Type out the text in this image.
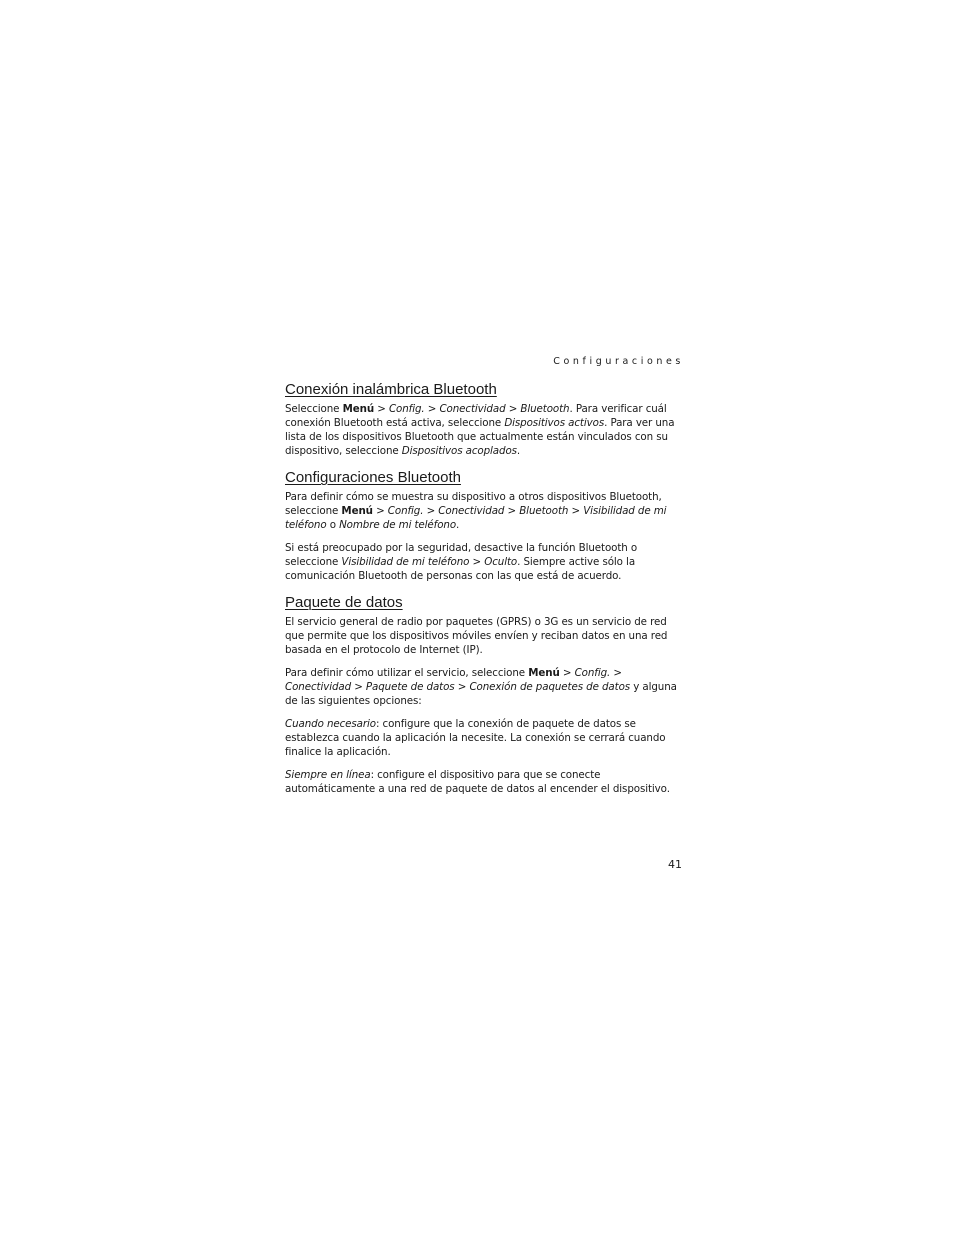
Configuraciones
Conexión inalámbrica Bluetooth

Seleccione Menú > Config. > Conectividad > Bluetooth. Para verificar cuál conexión Bluetooth está activa, seleccione Dispositivos activos. Para ver una lista de los dispositivos Bluetooth que actualmente están vinculados con su dispositivo, seleccione Dispositivos acoplados.

Configuraciones Bluetooth

Para definir cómo se muestra su dispositivo a otros dispositivos Bluetooth, seleccione Menú > Config. > Conectividad > Bluetooth > Visibilidad de mi teléfono o Nombre de mi teléfono.

Si está preocupado por la seguridad, desactive la función Bluetooth o seleccione Visibilidad de mi teléfono > Oculto. Siempre active sólo la comunicación Bluetooth de personas con las que está de acuerdo.

Paquete de datos

El servicio general de radio por paquetes (GPRS) o 3G es un servicio de red que permite que los dispositivos móviles envíen y reciban datos en una red basada en el protocolo de Internet (IP).

Para definir cómo utilizar el servicio, seleccione Menú > Config. > Conectividad > Paquete de datos > Conexión de paquetes de datos y alguna de las siguientes opciones:

Cuando necesario: configure que la conexión de paquete de datos se establezca cuando la aplicación la necesite. La conexión se cerrará cuando finalice la aplicación.

Siempre en línea: configure el dispositivo para que se conecte automáticamente a una red de paquete de datos al encender el dispositivo.

41
